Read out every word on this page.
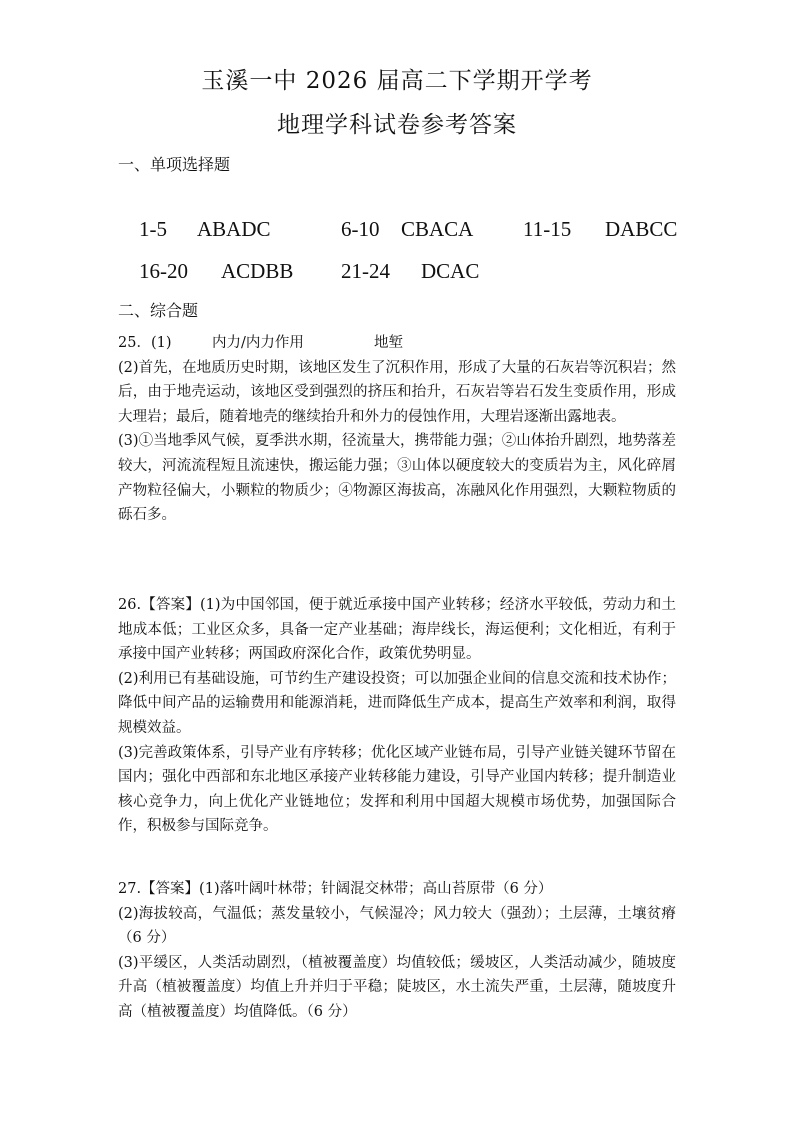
玉溪一中 2026 届高二下学期开学考
地理学科试卷参考答案
一、单项选择题

1-5 ABADC	6-10 CBACA 11-15 DABCC

16-20 ACDBB 21-24 DCAC

二、综合题

25．(1)	内力/内力作用	地堑

(2)首先，在地质历史时期，该地区发生了沉积作用，形成了大量的石灰岩等沉积岩；然后，由于地壳运动，该地区受到强烈的挤压和抬升，石灰岩等岩石发生变质作用，形成大理岩；最后，随着地壳的继续抬升和外力的侵蚀作用，大理岩逐渐出露地表。

(3)①当地季风气候，夏季洪水期，径流量大，携带能力强；②山体抬升剧烈，地势落差较大，河流流程短且流速快，搬运能力强；③山体以硬度较大的变质岩为主，风化碎屑产物粒径偏大，小颗粒的物质少；④物源区海拔高，冻融风化作用强烈，大颗粒物质的砾石多。

26.【答案】(1)为中国邻国，便于就近承接中国产业转移；经济水平较低，劳动力和土地成本低；工业区众多，具备一定产业基础；海岸线长，海运便利；文化相近，有利于承接中国产业转移；两国政府深化合作，政策优势明显。

(2)利用已有基础设施，可节约生产建设投资；可以加强企业间的信息交流和技术协作；降低中间产品的运输费用和能源消耗，进而降低生产成本，提高生产效率和利润，取得规模效益。

(3)完善政策体系，引导产业有序转移；优化区域产业链布局，引导产业链关键环节留在国内；强化中西部和东北地区承接产业转移能力建设，引导产业国内转移；提升制造业核心竞争力，向上优化产业链地位；发挥和利用中国超大规模市场优势，加强国际合作，积极参与国际竞争。

27.【答案】(1)落叶阔叶林带；针阔混交林带；高山苔原带（6 分）

(2)海拔较高，气温低；蒸发量较小，气候湿冷；风力较大（强劲）；土层薄，土壤贫瘠（6 分）

(3)平缓区，人类活动剧烈，（植被覆盖度）均值较低；缓坡区，人类活动减少，随坡度升高（植被覆盖度）均值上升并归于平稳；陡坡区，水土流失严重，土层薄，随坡度升高（植被覆盖度）均值降低。（6 分）
